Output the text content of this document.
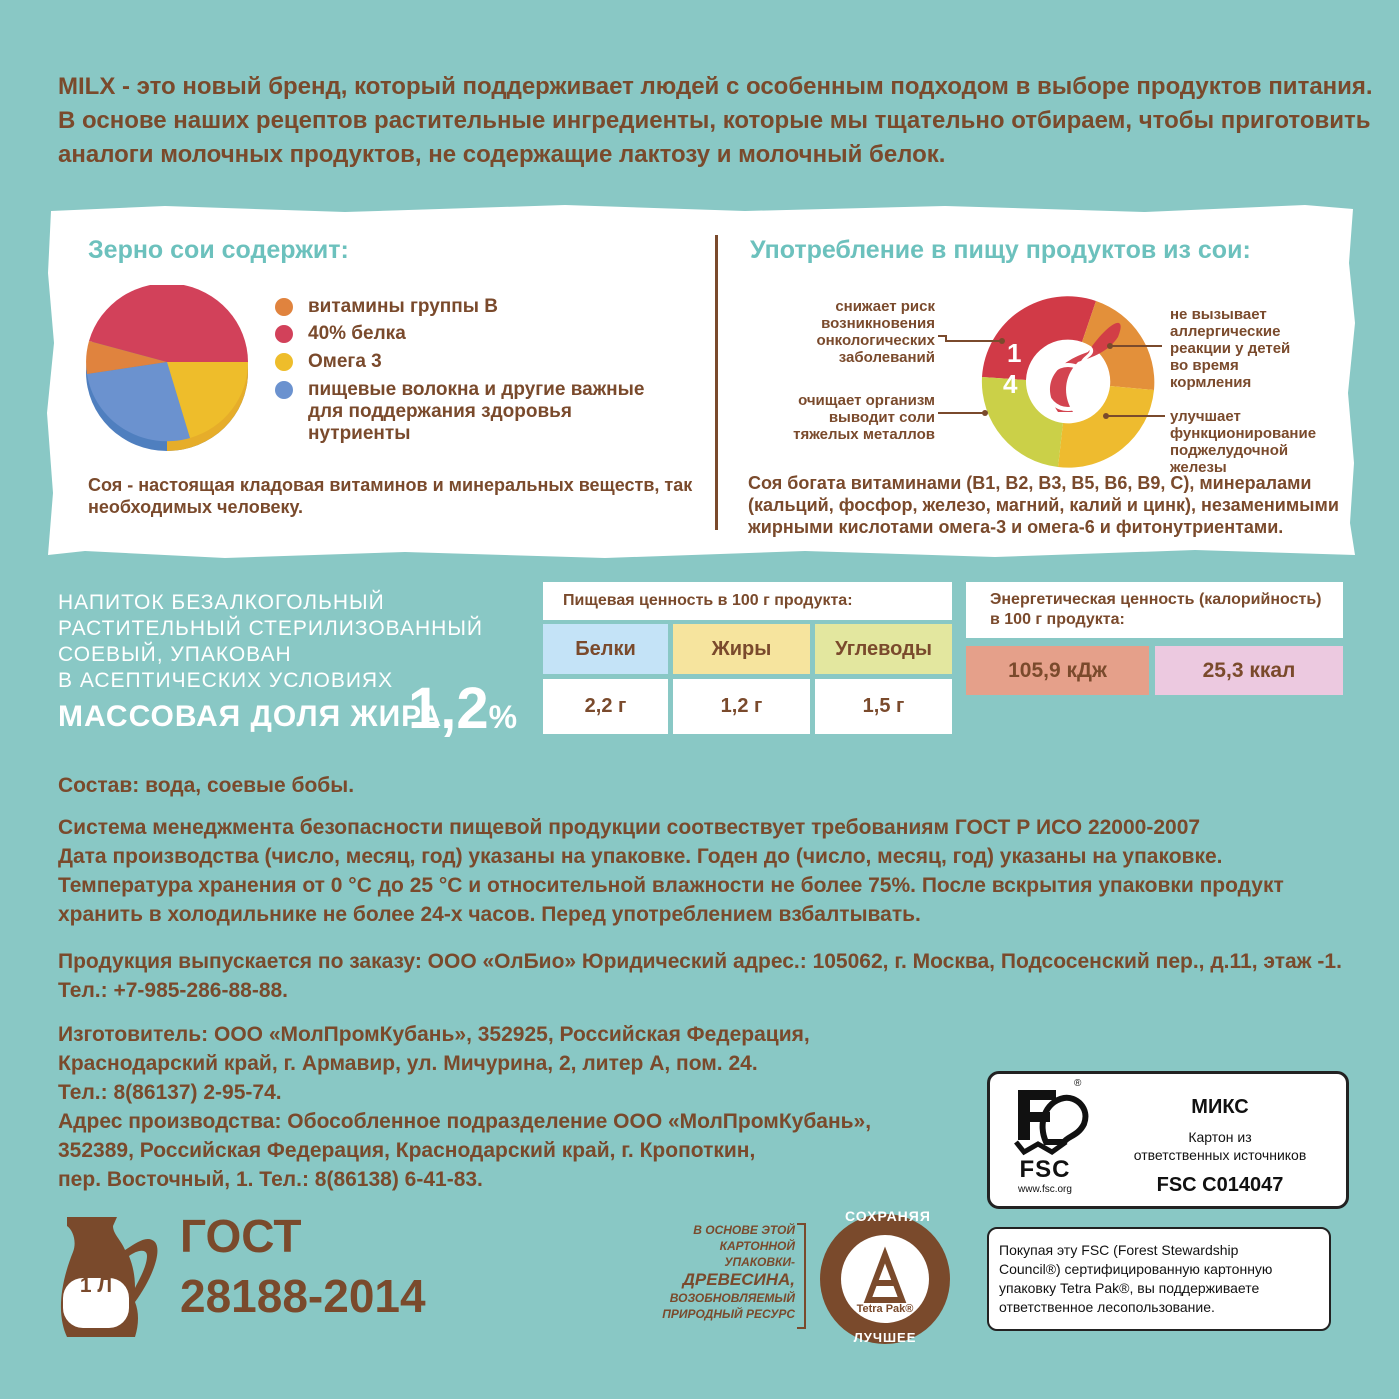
MILX - это новый бренд, который поддерживает людей с особенным подходом в выборе продуктов питания.
В основе наших рецептов растительные ингредиенты, которые мы тщательно отбираем, чтобы приготовить
аналоги молочных продуктов, не содержащие лактозу и молочный белок.
Зерно сои содержит:
витамины группы В
40% белка
Омега 3
пищевые волокна и другие важные для поддержания здоровья нутриенты
Соя - настоящая кладовая витаминов и минеральных веществ, так
необходимых человеку.
Употребление в пищу продуктов из сои:
1 2
3
4
снижает риск
возникновения
онкологических
заболеваний
не вызывает
аллергические
реакции у детей
во время
кормления
улучшает
функционирование
поджелудочной
железы
очищает организм
выводит соли
тяжелых металлов
Соя богата витаминами (В1, В2, В3, В5, В6, В9, С), минералами
(кальций, фосфор, железо, магний, калий и цинк), незаменимыми
жирными кислотами омега-3 и омега-6 и фитонутриентами.
НАПИТОК БЕЗАЛКОГОЛЬНЫЙ
РАСТИТЕЛЬНЫЙ СТЕРИЛИЗОВАННЫЙ
СОЕВЫЙ, УПАКОВАН
В АСЕПТИЧЕСКИХ УСЛОВИЯХ
МАССОВАЯ ДОЛЯ ЖИРА
1,2%
Пищевая ценность в 100 г продукта:
Белки	Жиры	Углеводы
2,2 г	1,2 г	1,5 г
Энергетическая ценность (калорийность)
в 100 г продукта:
105,9 кДж	25,3 ккал
Состав: вода, соевые бобы.
Система менеджмента безопасности пищевой продукции соотвествует требованиям ГОСТ Р ИСО 22000-2007
Дата производства (число, месяц, год) указаны на упаковке. Годен до (число, месяц, год) указаны на упаковке.
Температура хранения от 0 °С до 25 °С и относительной влажности не более 75%. После вскрытия упаковки продукт
хранить в холодильнике не более 24-х часов. Перед употреблением взбалтывать.
Продукция выпускается по заказу: ООО «ОлБио» Юридический адрес.: 105062, г. Москва, Подсосенский пер., д.11, этаж -1.
Тел.: +7-985-286-88-88.
Изготовитель: ООО «МолПромКубань», 352925, Российская Федерация,
Краснодарский край, г. Армавир, ул. Мичурина, 2, литер А, пом. 24.
Тел.: 8(86137) 2-95-74.
Адрес производства: Обособленное подразделение ООО «МолПромКубань»,
352389, Российская Федерация, Краснодарский край, г. Кропоткин,
пер. Восточный, 1. Тел.: 8(86138) 6-41-83.
1 Л
ГОСТ
28188-2014
В ОСНОВЕ ЭТОЙ
КАРТОННОЙ УПАКОВКИ-
ДРЕВЕСИНА,
ВОЗОБНОВЛЯЕМЫЙ
ПРИРОДНЫЙ РЕСУРС
СОХРАНЯЯ
ЛУЧШЕЕ
Tetra Pak®
®
FSC
www.fsc.org
МИКС
Картон из
ответственных источников
FSC C014047
Покупая эту FSC (Forest Stewardship
Council®) сертифицированную картонную
упаковку Tetra Pak®, вы поддерживаете
ответственное лесопользование.
